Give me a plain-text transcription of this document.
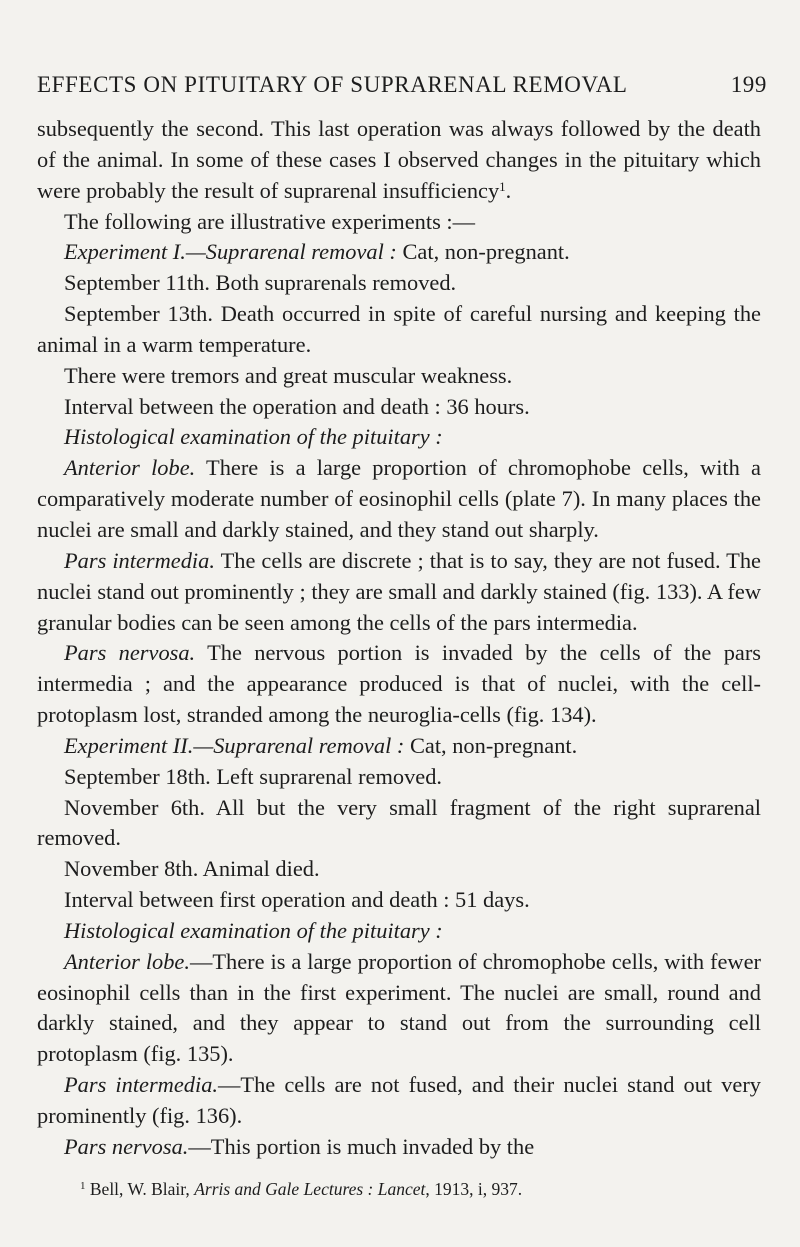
EFFECTS ON PITUITARY OF SUPRARENAL REMOVAL	199

subsequently the second. This last operation was always followed by the death of the animal. In some of these cases I observed changes in the pituitary which were probably the result of suprarenal insufficiency$^1$.

The following are illustrative experiments :—

Experiment I.—Suprarenal removal : Cat, non-pregnant.

September 11th. Both suprarenals removed.

September 13th. Death occurred in spite of careful nursing and keeping the animal in a warm temperature.

There were tremors and great muscular weakness.

Interval between the operation and death : 36 hours.

Histological examination of the pituitary :

Anterior lobe. There is a large proportion of chromophobe cells, with a comparatively moderate number of eosinophil cells (plate 7). In many places the nuclei are small and darkly stained, and they stand out sharply.

Pars intermedia. The cells are discrete ; that is to say, they are not fused. The nuclei stand out prominently ; they are small and darkly stained (fig. 133). A few granular bodies can be seen among the cells of the pars intermedia.

Pars nervosa. The nervous portion is invaded by the cells of the pars intermedia ; and the appearance produced is that of nuclei, with the cell-protoplasm lost, stranded among the neuroglia-cells (fig. 134).

Experiment II.—Suprarenal removal : Cat, non-pregnant.

September 18th. Left suprarenal removed.

November 6th. All but the very small fragment of the right suprarenal removed.

November 8th. Animal died.

Interval between first operation and death : 51 days.

Histological examination of the pituitary :

Anterior lobe.—There is a large proportion of chromophobe cells, with fewer eosinophil cells than in the first experiment. The nuclei are small, round and darkly stained, and they appear to stand out from the surrounding cell protoplasm (fig. 135).

Pars intermedia.—The cells are not fused, and their nuclei stand out very prominently (fig. 136).

Pars nervosa.—This portion is much invaded by the

$^1$ Bell, W. Blair, Arris and Gale Lectures : Lancet, 1913, i, 937.
